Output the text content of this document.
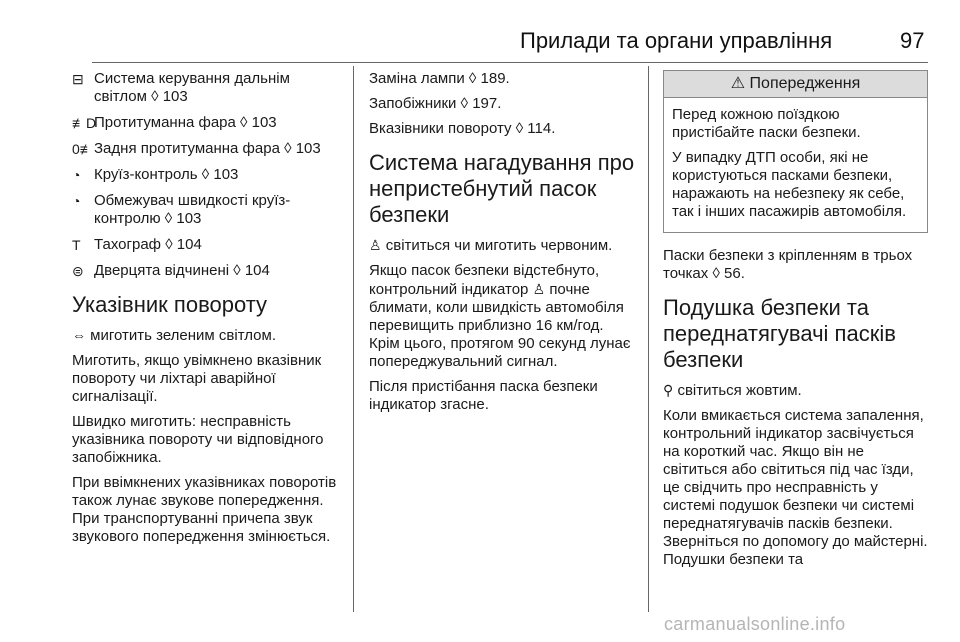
Прилади та органи управління	97
⊟ Система керування дальнім світлом ◊ 103
≢D
Протитуманна фара ◊ 103
0≢ Задня протитуманна фара ◊ 103
◔ Круїз-контроль ◊ 103
◔ Обмежувач швидкості круїз-контролю ◊ 103
T Тахограф ◊ 104
⊜ Дверцята відчинені ◊ 104
Указівник повороту

⇔ миготить зеленим світлом.

Миготить, якщо увімкнено вказівник повороту чи ліхтарі аварійної сигналізації.

Швидко миготить: несправність указівника повороту чи відповідного запобіжника.

При ввімкнених указівниках поворотів також лунає звукове попередження. При транспортуванні причепа звук звукового попередження змінюється.

Заміна лампи ◊ 189.

Запобіжники ◊ 197.

Вказівники повороту ◊ 114.

Система нагадування про непристебнутий пасок безпеки

♙ світиться чи миготить червоним.

Якщо пасок безпеки відстебнуто, контрольний індикатор ♙ почне блимати, коли швидкість автомобіля перевищить приблизно 16 км/год. Крім цього, протягом 90 секунд лунає попереджувальний сигнал.

Після пристібання паска безпеки індикатор згасне.

⚠ Попередження

Перед кожною поїздкою пристібайте паски безпеки.

У випадку ДТП особи, які не користуються пасками безпеки, наражають на небезпеку як себе, так і інших пасажирів автомобіля.

Паски безпеки з кріпленням в трьох точках ◊ 56.

Подушка безпеки та переднатягувачі пасків безпеки

⚲ світиться жовтим.

Коли вмикається система запалення, контрольний індикатор засвічується на короткий час. Якщо він не світиться або світиться під час їзди, це свідчить про несправність у системі подушок безпеки чи системі переднатягувачів пасків безпеки. Зверніться по допомогу до майстерні. Подушки безпеки та

carmanualsonline.info
